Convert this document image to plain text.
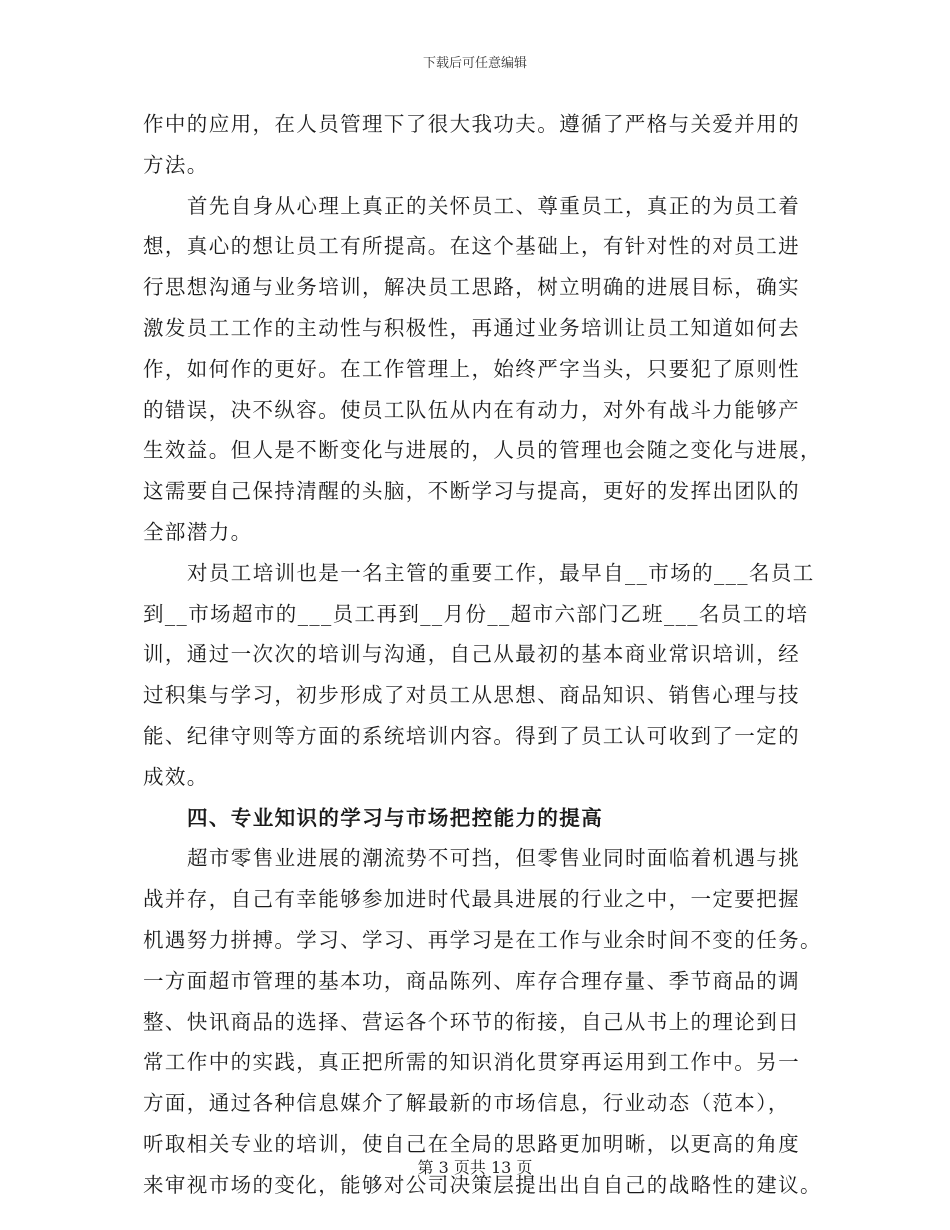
下载后可任意编辑
作中的应用，在人员管理下了很大我功夫。遵循了严格与关爱并用的
方法。
首先自身从心理上真正的关怀员工、尊重员工，真正的为员工着
想，真心的想让员工有所提高。在这个基础上，有针对性的对员工进
行思想沟通与业务培训，解决员工思路，树立明确的进展目标，确实
激发员工工作的主动性与积极性，再通过业务培训让员工知道如何去
作，如何作的更好。在工作管理上，始终严字当头，只要犯了原则性
的错误，决不纵容。使员工队伍从内在有动力，对外有战斗力能够产
生效益。但人是不断变化与进展的，人员的管理也会随之变化与进展，
这需要自己保持清醒的头脑，不断学习与提高，更好的发挥出团队的
全部潜力。
对员工培训也是一名主管的重要工作，最早自__市场的___名员工
到__市场超市的___员工再到__月份__超市六部门乙班___名员工的培
训，通过一次次的培训与沟通，自己从最初的基本商业常识培训，经
过积集与学习，初步形成了对员工从思想、商品知识、销售心理与技
能、纪律守则等方面的系统培训内容。得到了员工认可收到了一定的
成效。
四、专业知识的学习与市场把控能力的提高
超市零售业进展的潮流势不可挡，但零售业同时面临着机遇与挑
战并存，自己有幸能够参加进时代最具进展的行业之中，一定要把握
机遇努力拼搏。学习、学习、再学习是在工作与业余时间不变的任务。
一方面超市管理的基本功，商品陈列、库存合理存量、季节商品的调
整、快讯商品的选择、营运各个环节的衔接，自己从书上的理论到日
常工作中的实践，真正把所需的知识消化贯穿再运用到工作中。另一
方面，通过各种信息媒介了解最新的市场信息，行业动态（范本），
听取相关专业的培训，使自己在全局的思路更加明晰，以更高的角度
来审视市场的变化，能够对公司决策层提出出自自己的战略性的建议。
第 3 页共 13 页
